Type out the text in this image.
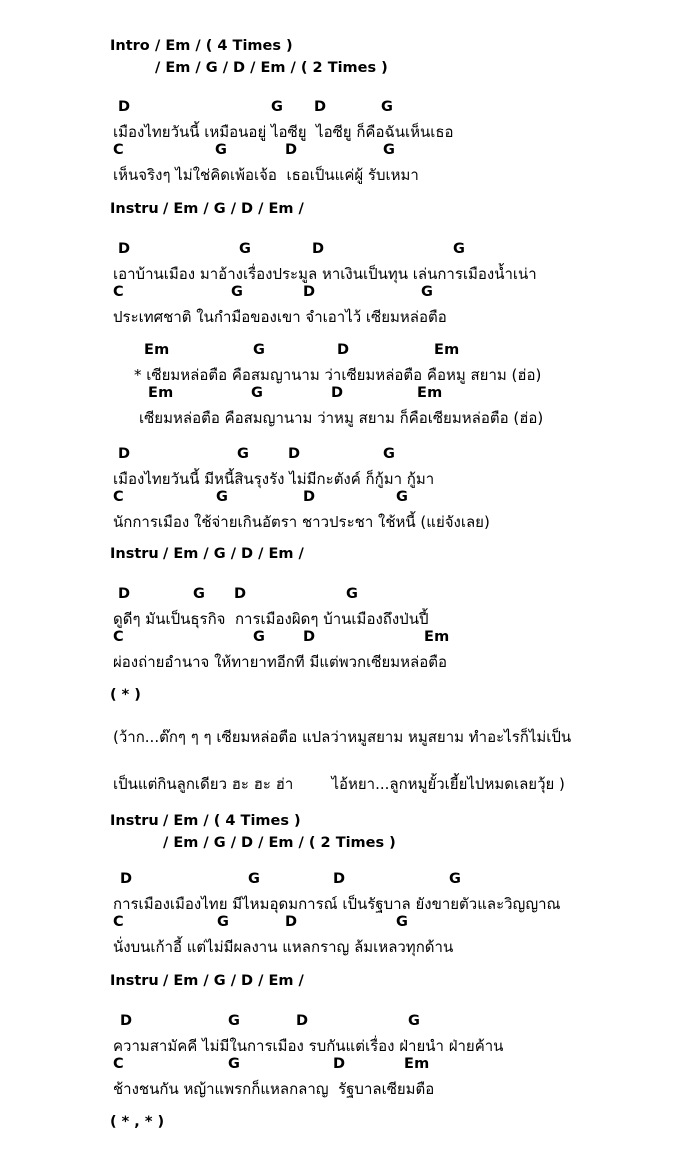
Intro / Em / ( 4 Times )
/ Em / G / D / Em / ( 2 Times )
D	G D	G
เมืองไทยวันนี้ เหมือนอยู่ ไอซียู  ไอซียู ก็คือฉันเห็นเธอ
C	G	D	G
เห็นจริงๆ ไม่ใช่คิดเพ้อเจ้อ  เธอเป็นแค่ผู้ รับเหมา
Instru / Em / G / D / Em /
D	G	D	G
เอาบ้านเมือง มาอ้างเรื่องประมูล หาเงินเป็นทุน เล่นการเมืองน้ำเน่า
C	G	D	G
ประเทศชาติ ในกำมือของเขา จำเอาไว้ เซียมหล่อตือ
Em	G	D	Em
* เซียมหล่อตือ คือสมญานาม ว่าเซียมหล่อตือ คือหมู สยาม (ฮ่อ)
Em	G	D	Em
เซียมหล่อตือ คือสมญานาม ว่าหมู สยาม ก็คือเซียมหล่อตือ (ฮ่อ)
D	G	D	G
เมืองไทยวันนี้ มีหนี้สินรุงรัง ไม่มีกะตังค์ ก็กู้มา กู้มา
C	G	D	G
นักการเมือง ใช้จ่ายเกินอัตรา ชาวประชา ใช้หนี้ (แย่จังเลย)
Instru / Em / G / D / Em /
D	G D	G
ดูดีๆ มันเป็นธุรกิจ  การเมืองผิดๆ บ้านเมืองถึงป่นปี้
C	G	D	Em
ผ่องถ่ายอำนาจ ให้ทายาทอีกที มีแต่พวกเซียมหล่อตือ
( * )
(ว้าก...ต๊กๆ ๆ ๆ เซียมหล่อตือ แปลว่าหมูสยาม หมูสยาม ทำอะไรก็ไม่เป็น
เป็นแต่กินลูกเดียว ฮะ ฮะ ฮ่า        ไอ้หยา...ลูกหมูยั้วเยี้ยไปหมดเลยวุ้ย )
Instru / Em / ( 4 Times )
/ Em / G / D / Em / ( 2 Times )
D	G	D	G
การเมืองเมืองไทย มีไหมอุดมการณ์ เป็นรัฐบาล ยังขายตัวและวิญญาณ
C	G	D	G
นั่งบนเก้าอี้ แต่ไม่มีผลงาน แหลกราญ ล้มเหลวทุกด้าน
Instru / Em / G / D / Em /
D	G	D	G
ความสามัคคี ไม่มีในการเมือง รบกันแต่เรื่อง ฝ่ายนำ ฝ่ายค้าน
C	G	D	Em
ช้างชนกัน หญ้าแพรกก็แหลกลาญ  รัฐบาลเซียมตือ
( * , * )
